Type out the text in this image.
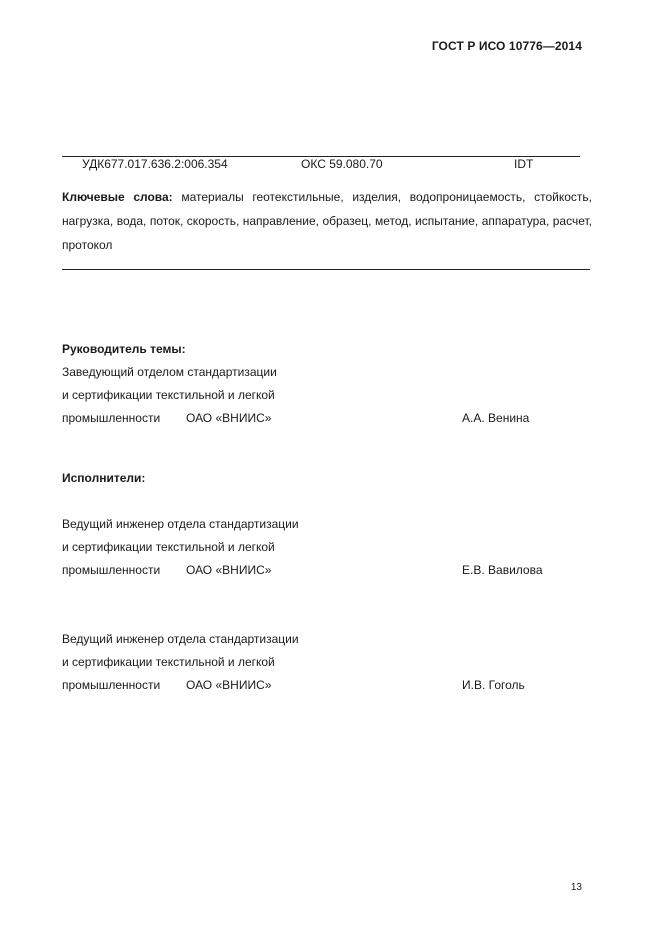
ГОСТ Р ИСО 10776—2014
УДК677.017.636.2:006.354	ОКС 59.080.70	IDT
Ключевые слова: материалы геотекстильные, изделия, водопроницаемость, стойкость, нагрузка, вода, поток, скорость, направление, образец, метод, испытание, аппаратура, расчет, протокол
Руководитель темы:
Заведующий отделом стандартизации
и сертификации текстильной и легкой
промышленности ОАО «ВНИИС»	А.А. Венина
Исполнители:
Ведущий инженер отдела стандартизации
и сертификации текстильной и легкой
промышленности ОАО «ВНИИС»	Е.В. Вавилова
Ведущий инженер отдела стандартизации
и сертификации текстильной и легкой
промышленности ОАО «ВНИИС»	И.В. Гоголь
13
